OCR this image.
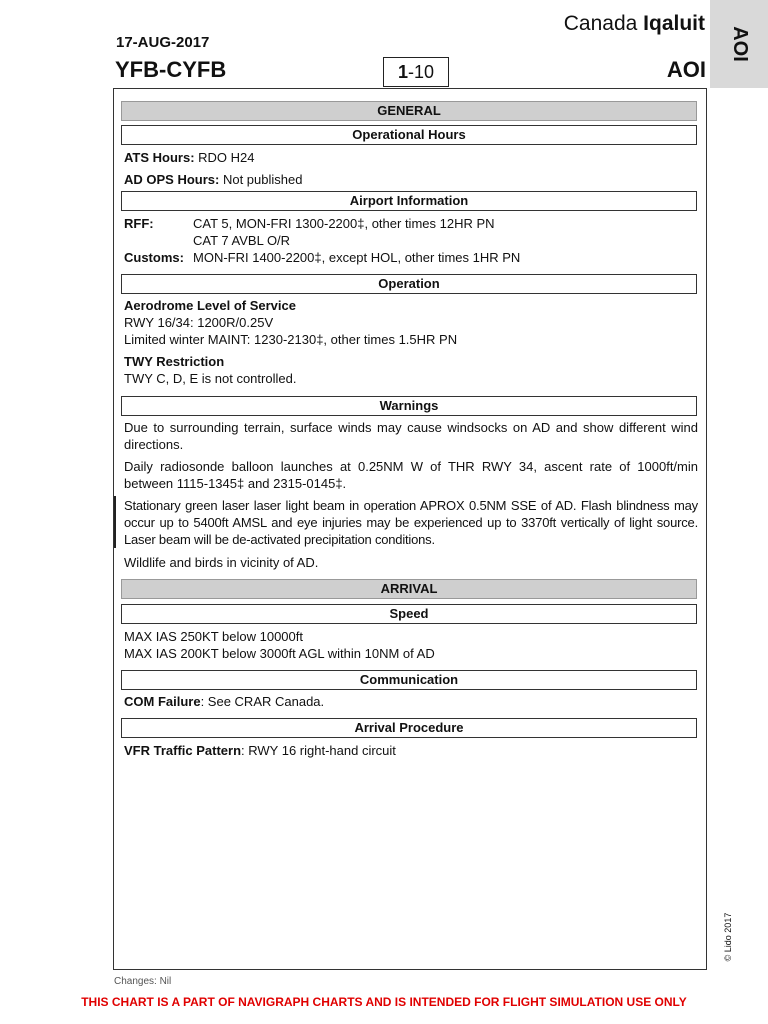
17-AUG-2017
YFB-CYFB	1-10
Canada Iqaluit
AOI
AOI
GENERAL
Operational Hours
ATS Hours: RDO H24
AD OPS Hours: Not published
Airport Information
RFF:	CAT 5, MON-FRI 1300-2200‡, other times 12HR PN
CAT 7 AVBL O/R
Customs: MON-FRI 1400-2200‡, except HOL, other times 1HR PN
Operation
Aerodrome Level of Service
RWY 16/34: 1200R/0.25V
Limited winter MAINT: 1230-2130‡, other times 1.5HR PN
TWY Restriction
TWY C, D, E is not controlled.
Warnings
Due to surrounding terrain, surface winds may cause windsocks on AD and show different wind directions.
Daily radiosonde balloon launches at 0.25NM W of THR RWY 34, ascent rate of 1000ft/min between 1115-1345‡ and 2315-0145‡.
Stationary green laser laser light beam in operation APROX 0.5NM SSE of AD. Flash blindness may occur up to 5400ft AMSL and eye injuries may be experienced up to 3370ft vertically of light source. Laser beam will be de-activated precipitation conditions.
Wildlife and birds in vicinity of AD.
ARRIVAL
Speed
MAX IAS 250KT below 10000ft
MAX IAS 200KT below 3000ft AGL within 10NM of AD
Communication
COM Failure: See CRAR Canada.
Arrival Procedure
VFR Traffic Pattern: RWY 16 right-hand circuit
© Lido 2017
Changes: Nil
THIS CHART IS A PART OF NAVIGRAPH CHARTS AND IS INTENDED FOR FLIGHT SIMULATION USE ONLY
